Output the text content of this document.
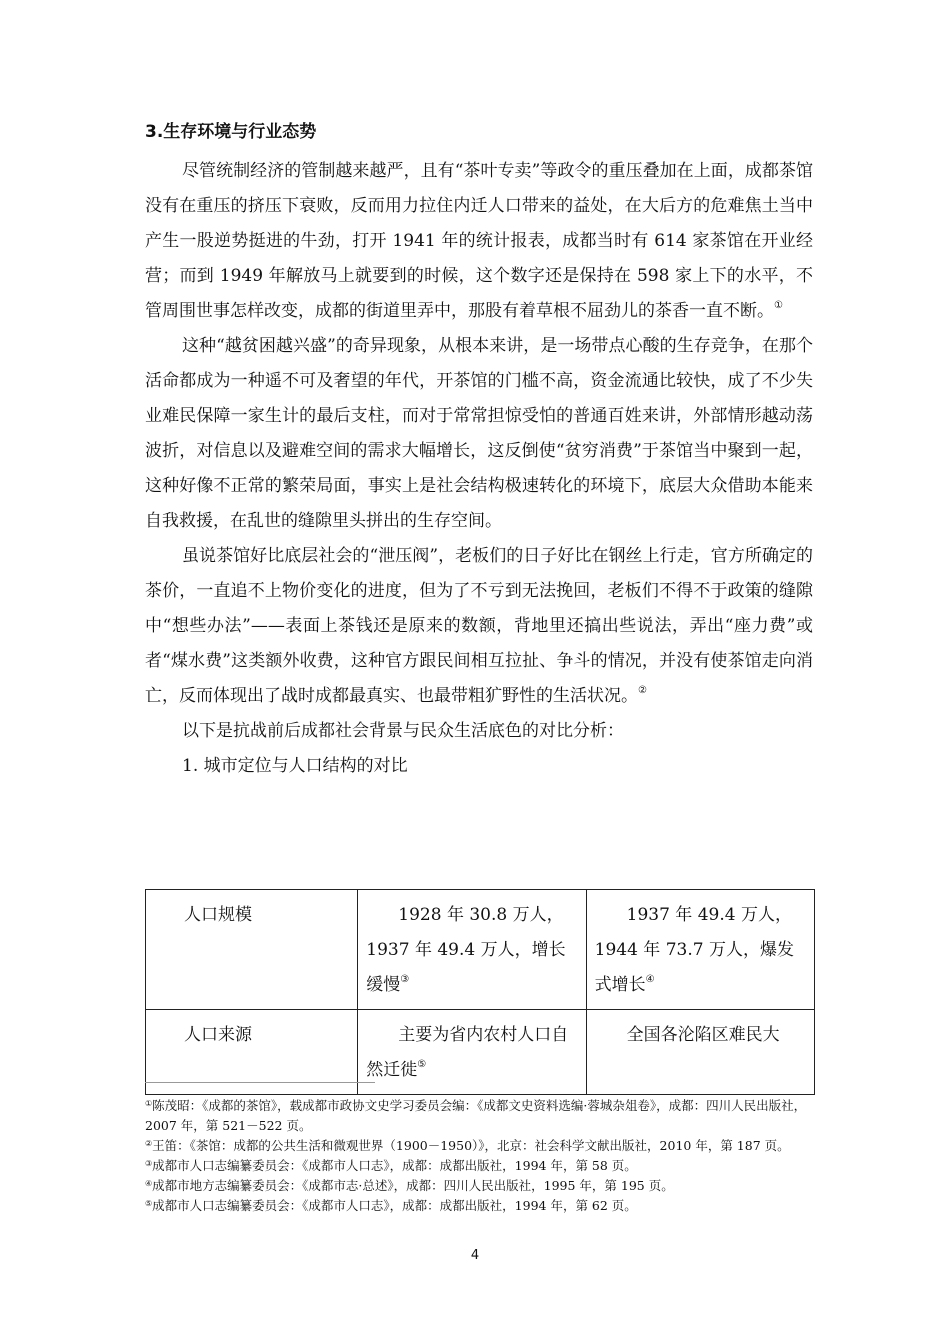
3.生存环境与行业态势

尽管统制经济的管制越来越严，且有“茶叶专卖”等政令的重压叠加在上面，成都茶馆没有在重压的挤压下衰败，反而用力拉住内迁人口带来的益处，在大后方的危难焦土当中产生一股逆势挺进的牛劲，打开 1941 年的统计报表，成都当时有 614 家茶馆在开业经营；而到 1949 年解放马上就要到的时候，这个数字还是保持在 598 家上下的水平，不管周围世事怎样改变，成都的街道里弄中，那股有着草根不屈劲儿的茶香一直不断。①

这种“越贫困越兴盛”的奇异现象，从根本来讲，是一场带点心酸的生存竞争，在那个活命都成为一种遥不可及奢望的年代，开茶馆的门槛不高，资金流通比较快，成了不少失业难民保障一家生计的最后支柱，而对于常常担惊受怕的普通百姓来讲，外部情形越动荡波折，对信息以及避难空间的需求大幅增长，这反倒使“贫穷消费”于茶馆当中聚到一起，这种好像不正常的繁荣局面，事实上是社会结构极速转化的环境下，底层大众借助本能来自我救援，在乱世的缝隙里头拼出的生存空间。

虽说茶馆好比底层社会的“泄压阀”，老板们的日子好比在钢丝上行走，官方所确定的茶价，一直追不上物价变化的进度，但为了不亏到无法挽回，老板们不得不于政策的缝隙中“想些办法”——表面上茶钱还是原来的数额，背地里还搞出些说法，弄出“座力费”或者“煤水费”这类额外收费，这种官方跟民间相互拉扯、争斗的情况，并没有使茶馆走向消亡，反而体现出了战时成都最真实、也最带粗犷野性的生活状况。②

以下是抗战前后成都社会背景与民众生活底色的对比分析：

1. 城市定位与人口结构的对比

人口规模	1928 年 30.8 万人，1937 年 49.4 万人，增长缓慢③	1937 年 49.4 万人，1944 年 73.7 万人，爆发式增长④
人口来源	主要为省内农村人口自然迁徙⑤	全国各沦陷区难民大

①陈茂昭：《成都的茶馆》，载成都市政协文史学习委员会编：《成都文史资料选编·蓉城杂俎卷》，成都：四川人民出版社，2007 年，第 521－522 页。

②王笛：《茶馆：成都的公共生活和微观世界（1900－1950）》，北京：社会科学文献出版社，2010 年，第 187 页。

③成都市人口志编纂委员会：《成都市人口志》，成都：成都出版社，1994 年，第 58 页。

④成都市地方志编纂委员会：《成都市志·总述》，成都：四川人民出版社，1995 年，第 195 页。

⑤成都市人口志编纂委员会：《成都市人口志》，成都：成都出版社，1994 年，第 62 页。

4
